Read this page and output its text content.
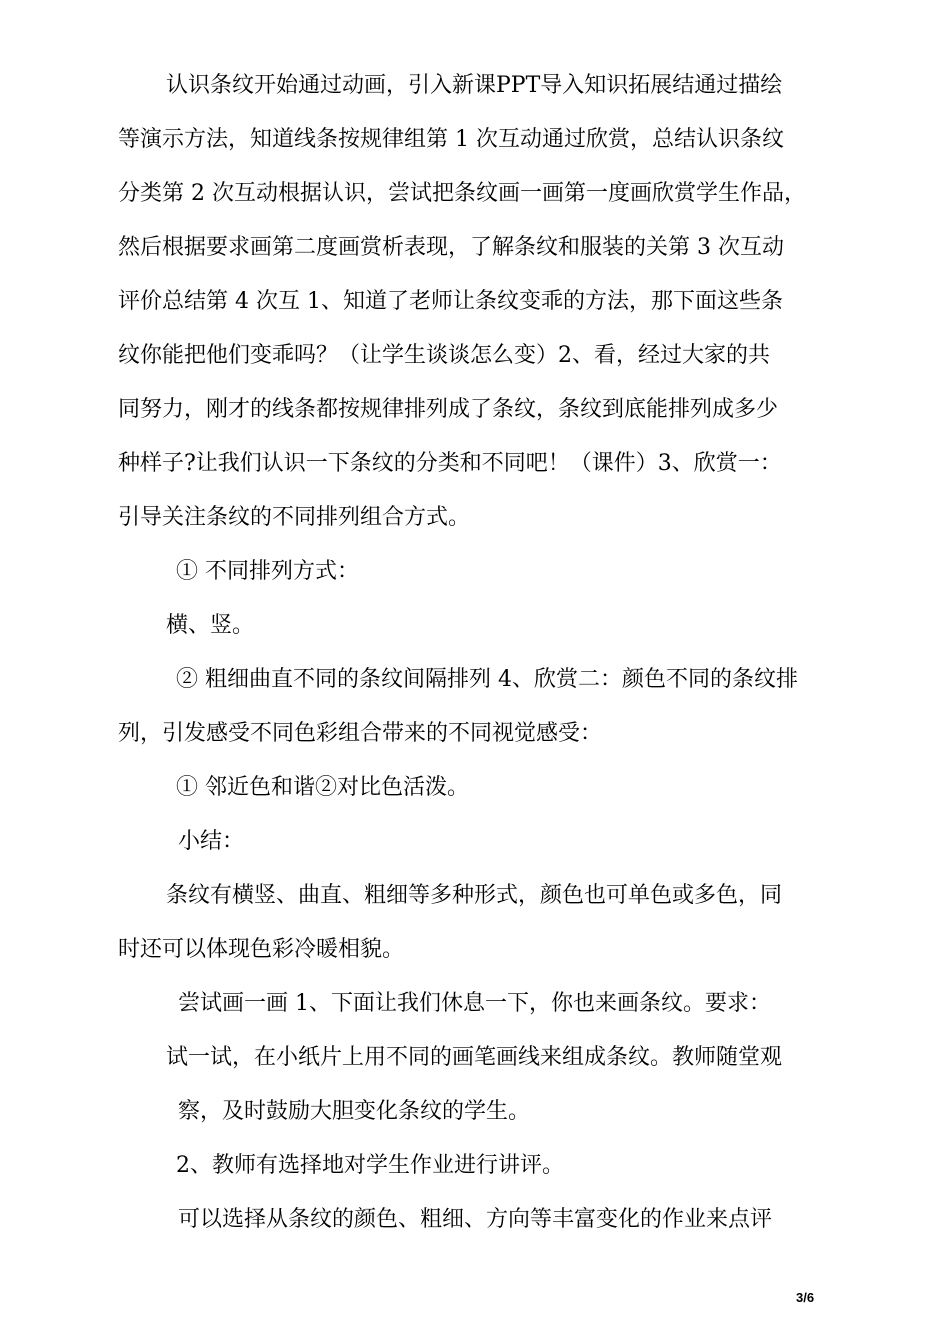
认识条纹开始通过动画，引入新课PPT导入知识拓展结通过描绘
等演示方法，知道线条按规律组第 1 次互动通过欣赏，总结认识条纹
分类第 2 次互动根据认识，尝试把条纹画一画第一度画欣赏学生作品，
然后根据要求画第二度画赏析表现，了解条纹和服装的关第 3 次互动
评价总结第 4 次互 1、知道了老师让条纹变乖的方法，那下面这些条
纹你能把他们变乖吗？（让学生谈谈怎么变）2、看，经过大家的共
同努力，刚才的线条都按规律排列成了条纹，条纹到底能排列成多少
种样子?让我们认识一下条纹的分类和不同吧！（课件）3、欣赏一：
引导关注条纹的不同排列组合方式。
① 不同排列方式：
横、竖。
② 粗细曲直不同的条纹间隔排列 4、欣赏二：颜色不同的条纹排
列，引发感受不同色彩组合带来的不同视觉感受：
① 邻近色和谐②对比色活泼。
小结：
条纹有横竖、曲直、粗细等多种形式，颜色也可单色或多色，同
时还可以体现色彩冷暖相貌。
尝试画一画 1、下面让我们休息一下，你也来画条纹。要求：
试一试，在小纸片上用不同的画笔画线来组成条纹。教师随堂观
察，及时鼓励大胆变化条纹的学生。
2、教师有选择地对学生作业进行讲评。
可以选择从条纹的颜色、粗细、方向等丰富变化的作业来点评
3/6
